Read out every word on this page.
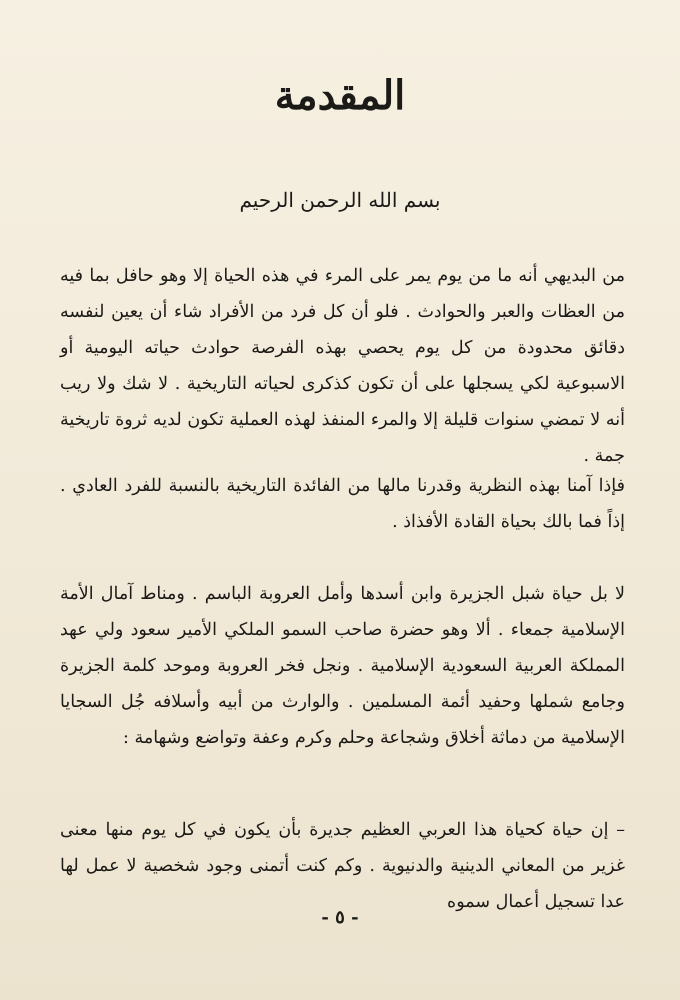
المقدمة
بسم الله الرحمن الرحيم

من البديهي أنه ما من يوم يمر على المرء في هذه الحياة إلا وهو حافل بما فيه من العظات والعبر والحوادث . فلو أن كل فرد من الأفراد شاء أن يعين لنفسه دقائق محدودة من كل يوم يحصي بهذه الفرصة حوادث حياته اليومية أو الاسبوعية لكي يسجلها على أن تكون كذكرى لحياته التاريخية . لا شك ولا ريب أنه لا تمضي سنوات قليلة إلا والمرء المنفذ لهذه العملية تكون لديه ثروة تاريخية جمة .

فإذا آمنا بهذه النظرية وقدرنا مالها من الفائدة التاريخية بالنسبة للفرد العادي . إذاً فما بالك بحياة القادة الأفذاذ .

لا بل حياة شبل الجزيرة وابن أسدها وأمل العروبة الباسم . ومناط آمال الأمة الإسلامية جمعاء . ألا وهو حضرة صاحب السمو الملكي الأمير سعود ولي عهد المملكة العربية السعودية الإسلامية . ونجل فخر العروبة وموحد كلمة الجزيرة وجامع شملها وحفيد أئمة المسلمين . والوارث من أبيه وأسلافه جُل السجايا الإسلامية من دماثة أخلاق وشجاعة وحلم وكرم وعفة وتواضع وشهامة :

– إن حياة كحياة هذا العربي العظيم جديرة بأن يكون في كل يوم منها معنى غزير من المعاني الدينية والدنيوية . وكم كنت أتمنى وجود شخصية لا عمل لها عدا تسجيل أعمال سموه

- ٥ -
